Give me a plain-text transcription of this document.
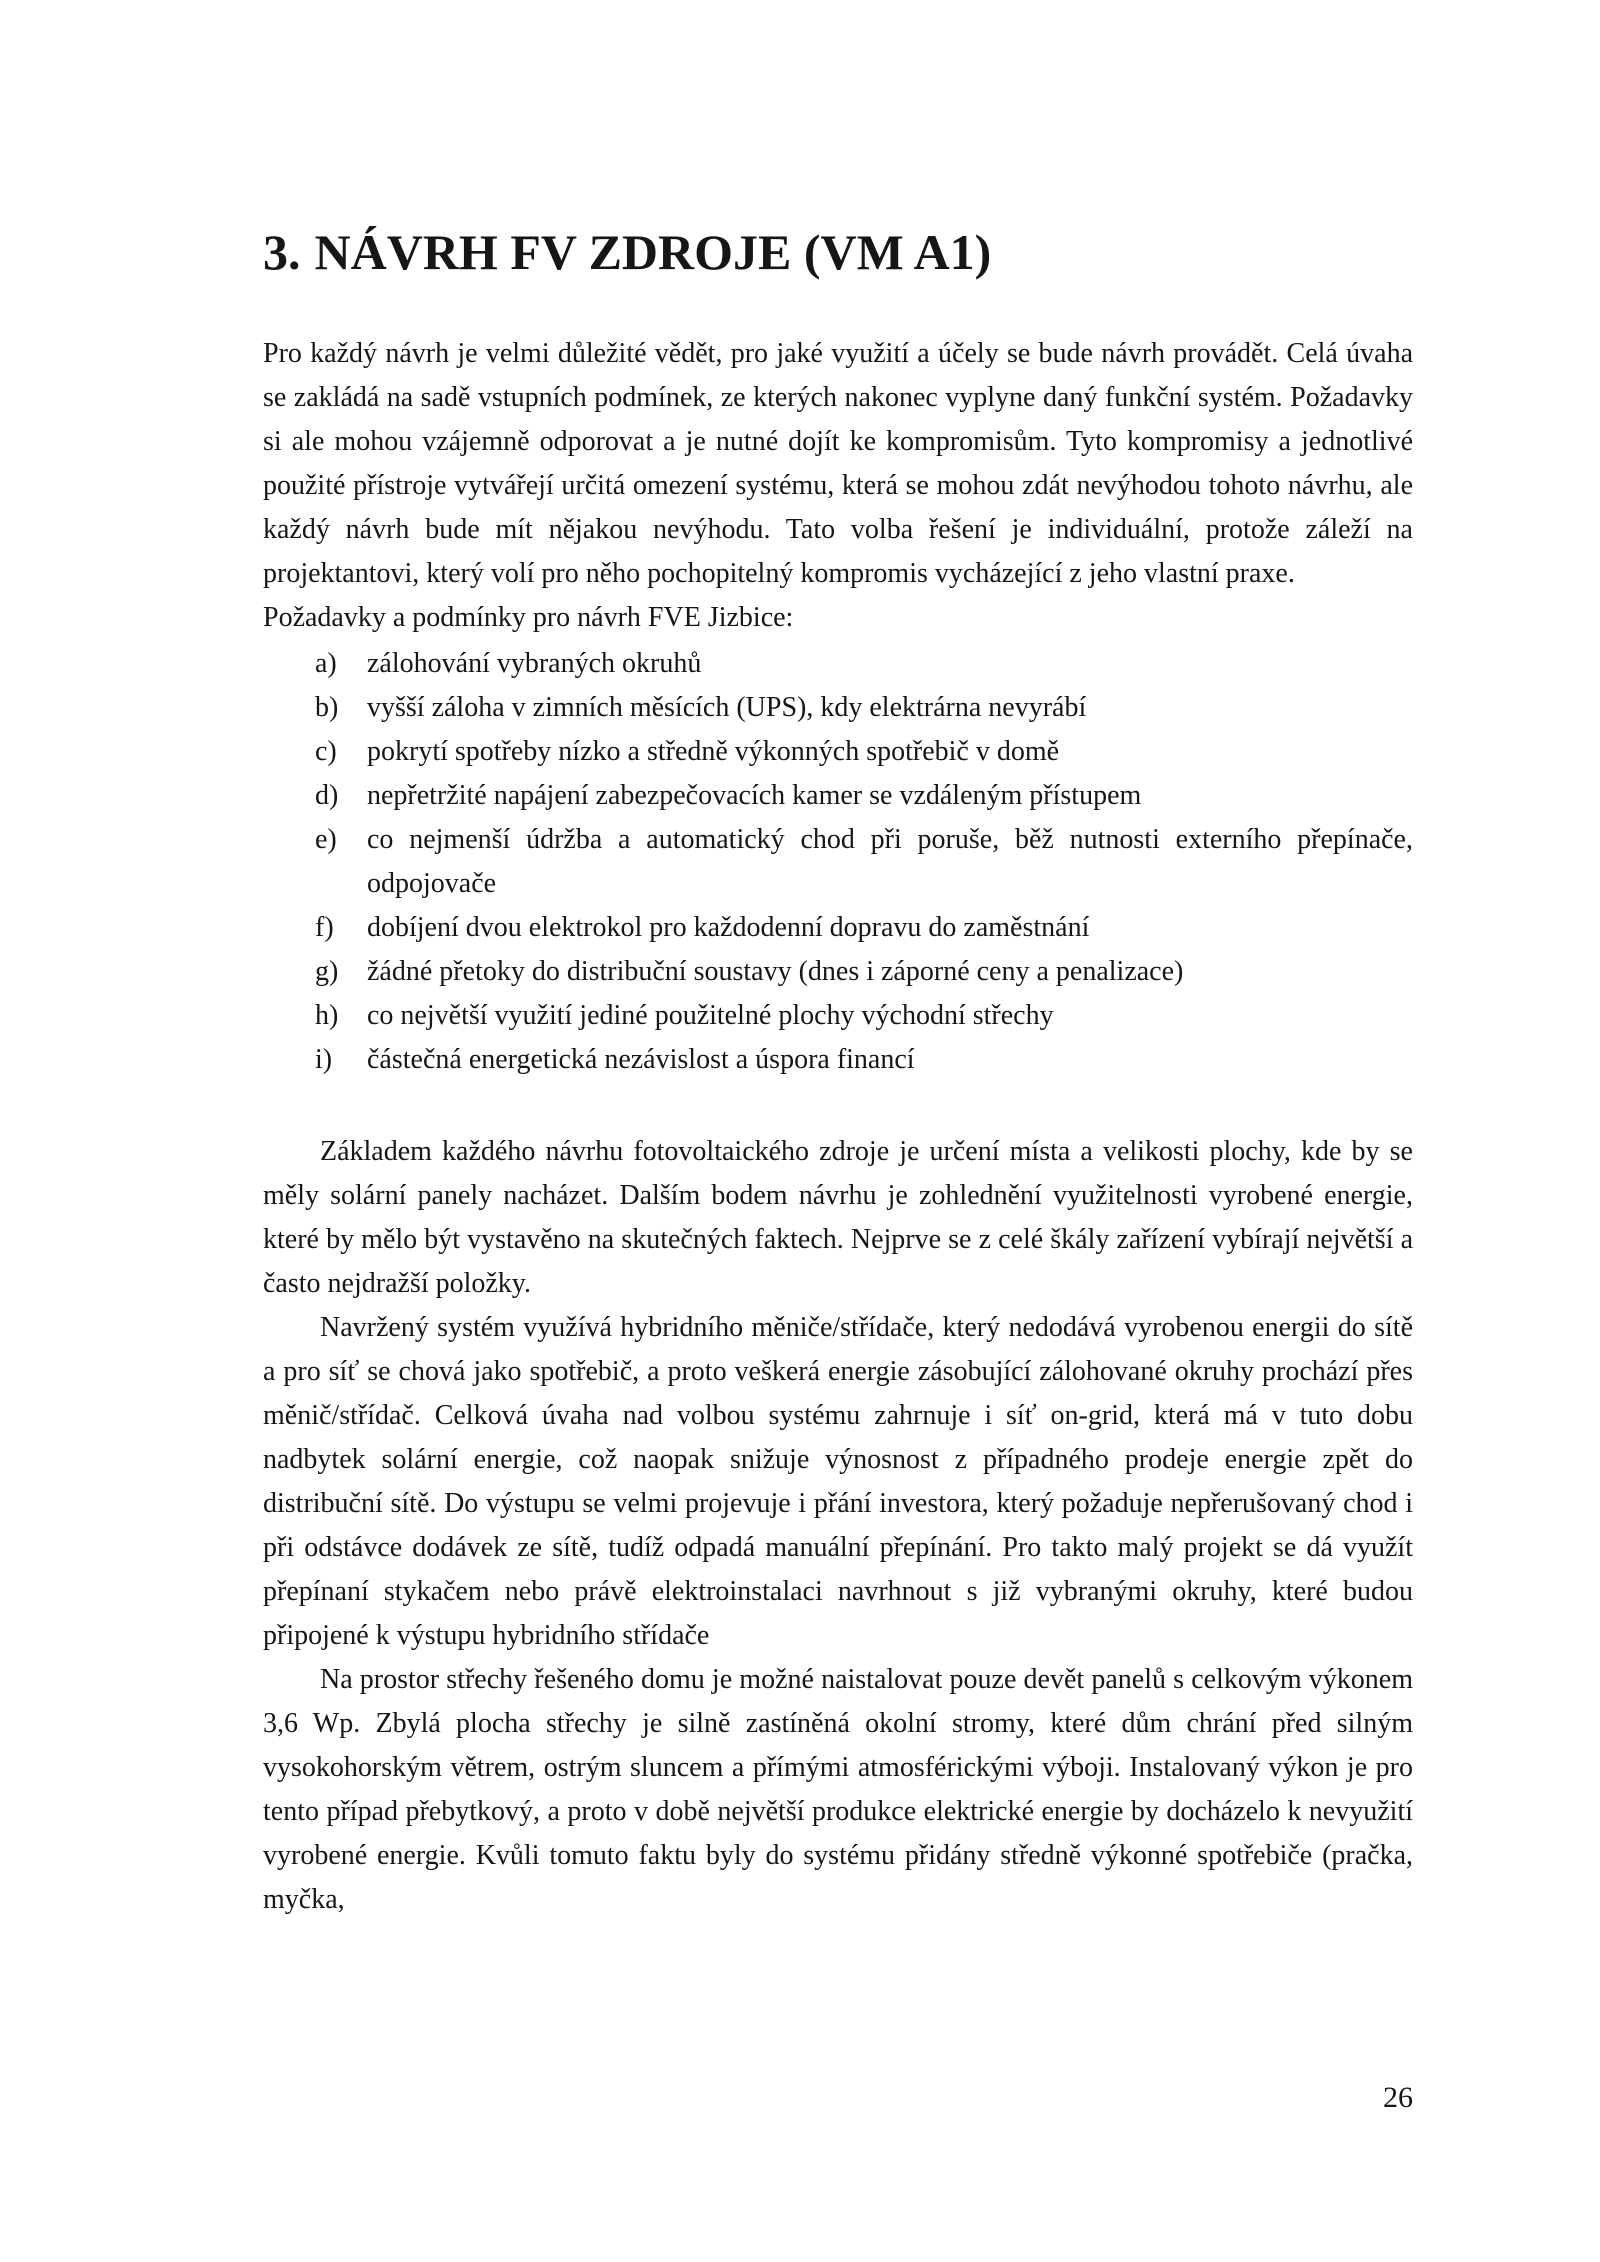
3. NÁVRH FV ZDROJE (VM A1)

Pro každý návrh je velmi důležité vědět, pro jaké využití a účely se bude návrh provádět. Celá úvaha se zakládá na sadě vstupních podmínek, ze kterých nakonec vyplyne daný funkční systém. Požadavky si ale mohou vzájemně odporovat a je nutné dojít ke kompromisům. Tyto kompromisy a jednotlivé použité přístroje vytvářejí určitá omezení systému, která se mohou zdát nevýhodou tohoto návrhu, ale každý návrh bude mít nějakou nevýhodu. Tato volba řešení je individuální, protože záleží na projektantovi, který volí pro něho pochopitelný kompromis vycházející z jeho vlastní praxe.

Požadavky a podmínky pro návrh FVE Jizbice:

a)	zálohování vybraných okruhů
b)	vyšší záloha v zimních měsících (UPS), kdy elektrárna nevyrábí
c)	pokrytí spotřeby nízko a středně výkonných spotřebič v domě
d)	nepřetržité napájení zabezpečovacích kamer se vzdáleným přístupem
e)	co nejmenší údržba a automatický chod při poruše, běž nutnosti externího přepínače, odpojovače
f)	dobíjení dvou elektrokol pro každodenní dopravu do zaměstnání
g)	žádné přetoky do distribuční soustavy (dnes i záporné ceny a penalizace)
h)	co největší využití jediné použitelné plochy východní střechy
i)	částečná energetická nezávislost a úspora financí

Základem každého návrhu fotovoltaického zdroje je určení místa a velikosti plochy, kde by se měly solární panely nacházet. Dalším bodem návrhu je zohlednění využitelnosti vyrobené energie, které by mělo být vystavěno na skutečných faktech. Nejprve se z celé škály zařízení vybírají největší a často nejdražší položky.

Navržený systém využívá hybridního měniče/střídače, který nedodává vyrobenou energii do sítě a pro síť se chová jako spotřebič, a proto veškerá energie zásobující zálohované okruhy prochází přes měnič/střídač. Celková úvaha nad volbou systému zahrnuje i síť on-grid, která má v tuto dobu nadbytek solární energie, což naopak snižuje výnosnost z případného prodeje energie zpět do distribuční sítě. Do výstupu se velmi projevuje i přání investora, který požaduje nepřerušovaný chod i při odstávce dodávek ze sítě, tudíž odpadá manuální přepínání. Pro takto malý projekt se dá využít přepínaní stykačem nebo právě elektroinstalaci navrhnout s již vybranými okruhy, které budou připojené k výstupu hybridního střídače

Na prostor střechy řešeného domu je možné naistalovat pouze devět panelů s celkovým výkonem 3,6 Wp. Zbylá plocha střechy je silně zastíněná okolní stromy, které dům chrání před silným vysokohorským větrem, ostrým sluncem a přímými atmosférickými výboji. Instalovaný výkon je pro tento případ přebytkový, a proto v době největší produkce elektrické energie by docházelo k nevyužití vyrobené energie. Kvůli tomuto faktu byly do systému přidány středně výkonné spotřebiče (pračka, myčka,

26
